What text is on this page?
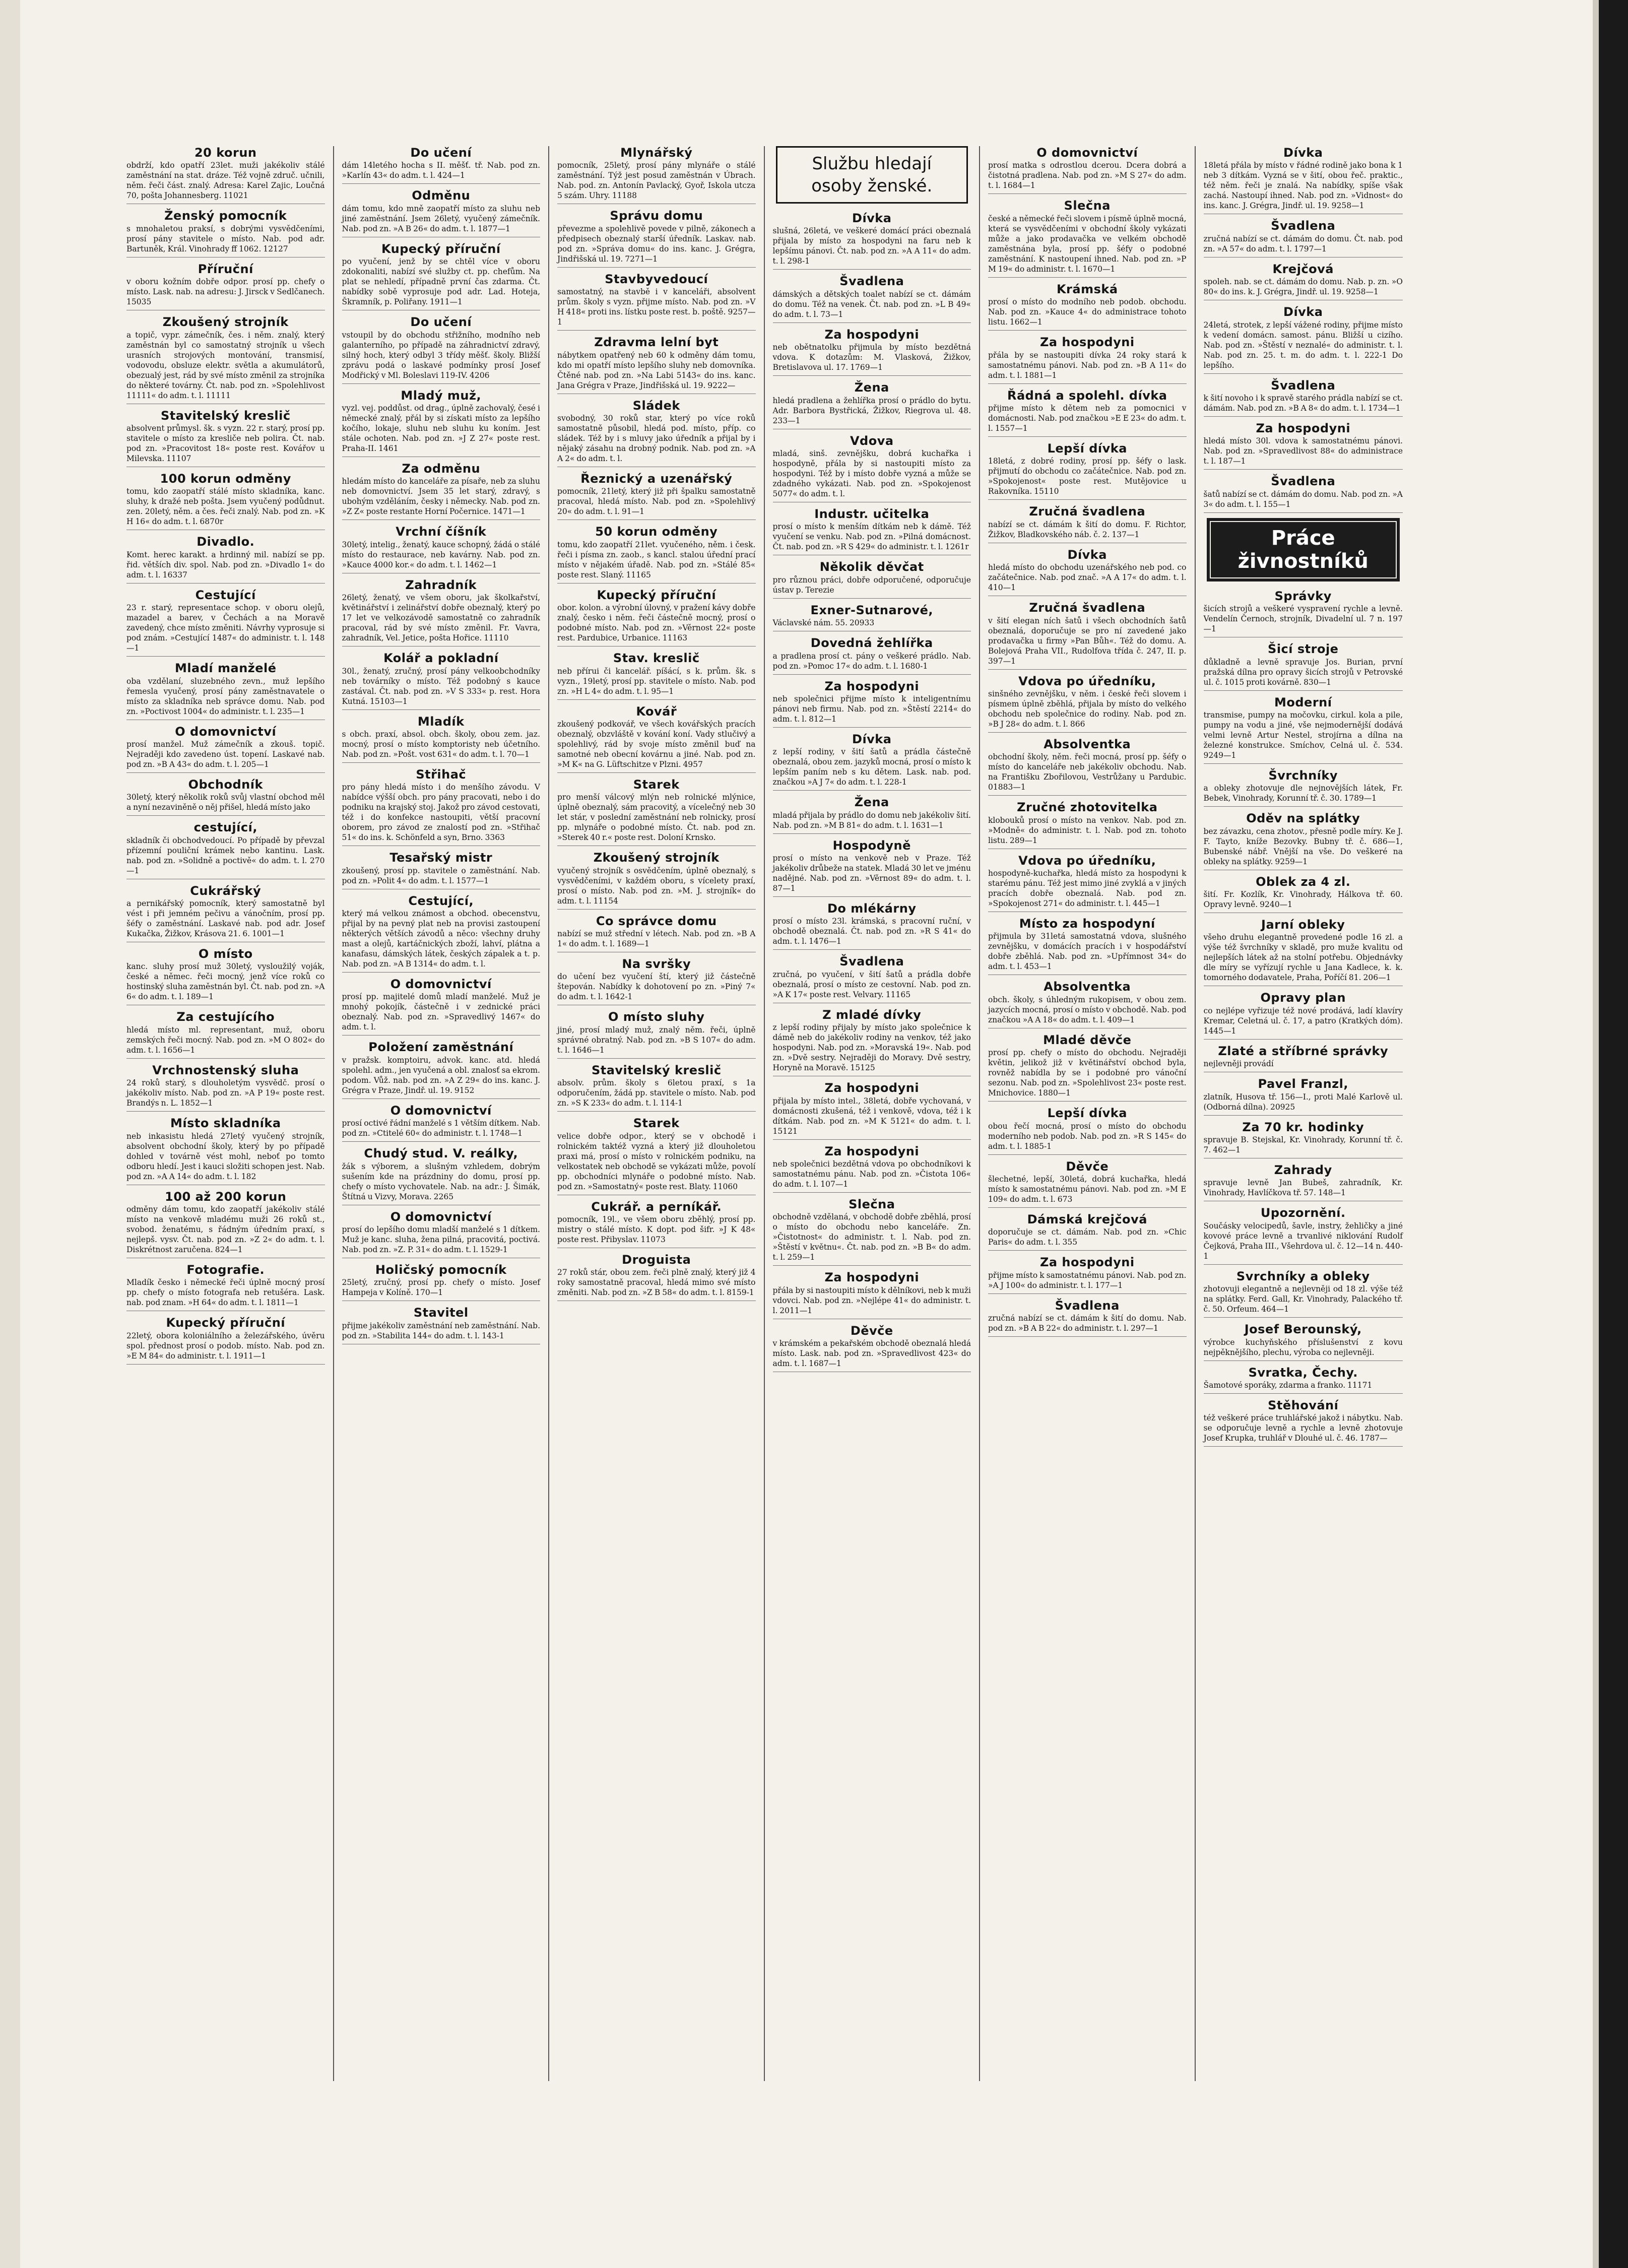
20 korun

obdrží, kdo opatří 23let. muži jakékoliv stálé zaměstnání na stat. dráze. Též vojně zdruč. učnili, něm. řeči část. znalý. Adresa: Karel Zajic, Loučná 70, pošta Johannesberg. 11021

Ženský pomocník

s mnohaletou praksí, s dobrými vysvědčeními, prosí pány stavitele o místo. Nab. pod adr. Bartuněk, Král. Vinohrady ff 1062. 12127

Příruční

v oboru kožním dobře odpor. prosí pp. chefy o místo. Lask. nab. na adresu: J. Jirsck v Sedlčanech. 15035

Zkoušený strojník

a topič, vypr. zámečník, čes. i něm. znalý, který zaměstnán byl co samostatný strojník u všech urasních strojových montování, transmisí, vodovodu, obsluze elektr. světla a akumulátorů, obezualý jest, rád by své místo změnil za strojníka do některé továrny. Čt. nab. pod zn. »Spolehlivost 11111« do adm. t. l. 11111

Stavitelský kreslič

absolvent průmysl. šk. s vyzn. 22 r. starý, prosí pp. stavitele o místo za kresliče neb polira. Čt. nab. pod zn. »Pracovitost 18« poste rest. Kovářov u Milevska. 11107

100 korun odměny

tomu, kdo zaopatří stálé místo skladníka, kanc. sluhy, k dražé neb pošta. Jsem vyučený podůdnut. zen. 20letý, něm. a čes. řeči znalý. Nab. pod zn. »K H 16« do adm. t. l. 6870r

Divadlo.

Komt. herec karakt. a hrdinný mil. nabízí se pp. řid. větších div. spol. Nab. pod zn. »Divadlo 1« do adm. t. l. 16337

Cestující

23 r. starý, representace schop. v oboru olejů, mazadel a barev, v Čechách a na Moravě zavedený, chce místo změniti. Návrhy vyprosuje si pod znám. »Cestující 1487« do administr. t. l. 148—1

Mladí manželé

oba vzdělaní, sluzebného zevn., muž lepšího řemesla vyučený, prosí pány zaměstnavatele o místo za skladníka neb správce domu. Nab. pod zn. »Poctivost 1004« do administr. t. l. 235—1

O domovnictví

prosí manžel. Muž zámečník a zkouš. topič. Nejraději kdo zavedeno úst. topení. Laskavé nab. pod zn. »B A 43« do adm. t. l. 205—1

Obchodník

30letý, který několik roků svůj vlastní obchod měl a nyní nezaviněně o něj přišel, hledá místo jako

cestující,

skladník či obchodvedoucí. Po případě by převzal přízemní pouliční krámek nebo kantinu. Lask. nab. pod zn. »Solidně a poctivě« do adm. t. l. 270—1

Cukrářský

a pernikářský pomocník, který samostatně byl vést i při jemném pečivu a vánočním, prosí pp. šéfy o zaměstnání. Laskavé nab. pod adr. Josef Kukačka, Žižkov, Krásova 21. 6. 1001—1

O místo

kanc. sluhy prosí muž 30letý, vysloužilý voják, české a němec. řeči mocný, jenž více roků co hostinský sluha zaměstnán byl. Čt. nab. pod zn. »A 6« do adm. t. l. 189—1

Za cestujícího

hledá místo ml. representant, muž, oboru zemských řeči mocný. Nab. pod zn. »M O 802« do adm. t. l. 1656—1

Vrchnostenský sluha

24 roků starý, s dlouholetým vysvědč. prosí o jakékoliv místo. Nab. pod zn. »A P 19« poste rest. Brandýs n. L. 1852—1

Místo skladníka

neb inkasistu hledá 27letý vyučený strojník, absolvent obchodní školy, který by po případě dohled v továrně vést mohl, neboť po tomto odboru hledí. Jest i kauci složiti schopen jest. Nab. pod zn. »A A 14« do adm. t. l. 182

100 až 200 korun

odměny dám tomu, kdo zaopatří jakékoliv stálé místo na venkově mladému muži 26 roků st., svobod. ženatému, s řádným úředním praxí, s nejlepš. vysv. Čt. nab. pod zn. »Z 2« do adm. t. l. Diskrétnost zaručena. 824—1

Fotografie.

Mladík česko i německé řeči úplně mocný prosí pp. chefy o místo fotografa neb retušéra. Lask. nab. pod znam. »H 64« do adm. t. l. 1811—1

Kupecký příruční

22letý, obora koloniálního a železářského, úvěru spol. přednost prosí o podob. místo. Nab. pod zn. »E M 84« do administr. t. l. 1911—1

Do učení

dám 14letého hocha s II. měšť. tř. Nab. pod zn. »Karlín 43« do adm. t. l. 424—1

Odměnu

dám tomu, kdo mně zaopatří místo za sluhu neb jiné zaměstnání. Jsem 26letý, vyučený zámečník. Nab. pod zn. »A B 26« do adm. t. l. 1877—1

Kupecký příruční

po vyučení, jenž by se chtěl více v oboru zdokonaliti, nabízí své služby ct. pp. chefům. Na plat se nehledí, případně první čas zdarma. Čt. nabídky sobě vyprosuje pod adr. Lad. Hoteja, Škramník, p. Poliřany. 1911—1

Do učení

vstoupil by do obchodu střižního, modního neb galanterního, po případě na záhradnictví zdravý, silný hoch, který odbyl 3 třídy měšť. školy. Bližší zprávu podá o laskavé podmínky prosí Josef Modřický v Ml. Boleslavi 119-IV. 4206

Mladý muž,

vyzl. vej. poddůst. od drag., úplně zachovalý, česé i německé znalý, přál by si získati místo za lepšího kočího, lokaje, sluhu neb sluhu ku koním. Jest stále ochoten. Nab. pod zn. »J Z 27« poste rest. Praha-II. 1461

Za odměnu

hledám místo do kanceláře za písaře, neb za sluhu neb domovnictví. Jsem 35 let starý, zdravý, s ubohým vzděláním, česky i německy. Nab. pod zn. »Z Z« poste restante Horní Počernice. 1471—1

Vrchní číšník

30letý, intelig., ženatý, kauce schopný, žádá o stálé místo do restaurace, neb kavárny. Nab. pod zn. »Kauce 4000 kor.« do adm. t. l. 1462—1

Zahradník

26letý, ženatý, ve všem oboru, jak školkařství, květinářství i zelinářství dobře obeznalý, který po 17 let ve velkozávodě samostatně co zahradník pracoval, rád by své místo změnil. Fr. Vavra, zahradník, Vel. Jetice, pošta Hořice. 11110

Kolář a pokladní

30l., ženatý, zručný, prosí pány velkoobchodníky neb továrníky o místo. Též podobný s kauce zastával. Čt. nab. pod zn. »V S 333« p. rest. Hora Kutná. 15103—1

Mladík

s obch. praxí, absol. obch. školy, obou zem. jaz. mocný, prosí o místo komptoristy neb účetního. Nab. pod zn. »Pošt. vost 631« do adm. t. l. 70—1

Střihač

pro pány hledá místo i do menšího závodu. V nabídce výšší obch. pro pány pracovati, nebo i do podniku na krajský stoj. Jakož pro závod cestovati, též i do konfekce nastoupiti, větší pracovní oborem, pro závod ze znalostí pod zn. »Střihač 51« do ins. k. Schönfeld a syn, Brno. 3363

Tesařský mistr

zkoušený, prosí pp. stavitele o zaměstnání. Nab. pod zn. »Polit 4« do adm. t. l. 1577—1

Cestující,

který má velkou známost a obchod. obecenstvu, přijal by na pevný plat neb na provisi zastoupení některých větších závodů a něco: všechny druhy mast a olejů, kartáčnických zboží, lahví, plátna a kanafasu, dámských látek, českých zápalek a t. p. Nab. pod zn. »A B 1314« do adm. t. l.

O domovnictví

prosí pp. majitelé domů mladí manželé. Muž je mnohý pokojík, částečně i v zednické práci obeznalý. Nab. pod zn. »Spravedlivý 1467« do adm. t. l.

Položení zaměstnání

v pražsk. komptoiru, advok. kanc. atd. hledá spolehl. adm., jen vyučená a obl. znalosť sa ekrom. podom. Vůž. nab. pod zn. »A Z 29« do ins. kanc. J. Grégra v Praze, Jindř. ul. 19. 9152

O domovnictví

prosí octivé řádní manželé s 1 větším dítkem. Nab. pod zn. »Ctitelé 60« do administr. t. l. 1748—1

Chudý stud. V. reálky,

žák s výborem, a slušným vzhledem, dobrým sušením kde na prázdniny do domu, prosí pp. chefy o místo vychovatele. Nab. na adr.: J. Šimák, Štítná u Vizvy, Morava. 2265

O domovnictví

prosí do lepšího domu mladší manželé s 1 dítkem. Muž je kanc. sluha, žena pilná, pracovitá, poctivá. Nab. pod zn. »Z. P. 31« do adm. t. l. 1529-1

Holičský pomocník

25letý, zručný, prosí pp. chefy o místo. Josef Hampeja v Kolíně. 170—1

Stavitel

přijme jakékoliv zaměstnání neb zaměstnání. Nab. pod zn. »Stabilita 144« do adm. t. l. 143-1

Mlynářský

pomocník, 25letý, prosí pány mlynáře o stálé zaměstnání. Týž jest posud zaměstnán v Úbrach. Nab. pod. zn. Antonín Pavlacký, Gyoř, Iskola utcza 5 szám. Uhry. 11188

Správu domu

převezme a spolehlivě povede v pilně, zákonech a předpisech obeznalý starší úředník. Laskav. nab. pod zn. »Správa domu« do ins. kanc. J. Grégra, Jindřišská ul. 19. 7271—1

Stavbyvedoucí

samostatný, na stavbě i v kanceláři, absolvent prům. školy s vyzn. přijme místo. Nab. pod zn. »V H 418« proti ins. lístku poste rest. b. poště. 9257—1

Zdravma lelní byt

nábytkem opatřený neb 60 k odměny dám tomu, kdo mi opatří místo lepšího sluhy neb domovníka. Čtěné nab. pod zn. »Na Labi 5143« do ins. kanc. Jana Grégra v Praze, Jindřišská ul. 19. 9222—

Sládek

svobodný, 30 roků star, který po více roků samostatně působil, hledá pod. místo, příp. co sládek. Též by i s mluvy jako úředník a přijal by i nějaký zásahu na drobný podnik. Nab. pod zn. »A A 2« do adm. t. l.

Řeznický a uzenářský

pomocník, 21letý, který již při špalku samostatně pracoval, hledá místo. Nab. pod zn. »Spolehlivý 20« do adm. t. l. 91—1

50 korun odměny

tomu, kdo zaopatří 21let. vyučeného, něm. i česk. řeči i písma zn. zaob., s kancl. stalou úřední prací místo v nějakém úřadě. Nab. pod zn. »Stálé 85« poste rest. Slaný. 11165

Kupecký příruční

obor. kolon. a výrobní úlovný, v pražení kávy dobře znalý, česko i něm. řeči částečně mocný, prosí o podobné místo. Nab. pod zn. »Věrnost 22« poste rest. Pardubice, Urbanice. 11163

Stav. kreslič

neb přírui či kancelář. píšácí, s k. prům. šk. s vyzn., 19letý, prosí pp. stavitele o místo. Nab. pod zn. »H L 4« do adm. t. l. 95—1

Kovář

zkoušený podkovář, ve všech kovářských pracích obeznalý, obzvláště v kování koní. Vady stlučivý a spolehlivý, rád by svoje místo změnil buď na samotné neb obecní kovárnu a jiné. Nab. pod zn. »M K« na G. Lüftschitze v Plzni. 4957

Starek

pro menší válcový mlýn neb rolnické mlýnice, úplně obeznalý, sám pracovitý, a vícelečný neb 30 let stár, v poslední zaměstnání neb rolnicky, prosí pp. mlynáře o podobné místo. Čt. nab. pod zn. »Sterek 40 r.« poste rest. Doloní Krnsko.

Zkoušený strojník

vyučený strojník s osvědčením, úplně obeznalý, s vysvědčeními, v každém oboru, s vícelety praxí, prosí o místo. Nab. pod zn. »M. J. strojník« do adm. t. l. 11154

Co správce domu

nabízí se muž střední v létech. Nab. pod zn. »B A 1« do adm. t. l. 1689—1

Na svršky

do učení bez vyučení ští, který již částečně štepován. Nabídky k dohotovení po zn. »Piný 7« do adm. t. l. 1642-1

O místo sluhy

jiné, prosí mladý muž, znalý něm. řeči, úplně správné obratný. Nab. pod zn. »B S 107« do adm. t. l. 1646—1

Stavitelský kreslič

absolv. prům. školy s 6letou praxí, s 1a odporučením, žádá pp. stavitele o místo. Nab. pod zn. »S K 233« do adm. t. l. 114-1

Starek

velice dobře odpor., který se v obchodě i rolnickém taktéž vyzná a který již dlouholetou praxi má, prosí o místo v rolnickém podniku, na velkostatek neb obchodě se vykázati může, povolí pp. obchodníci mlynáře o podobné místo. Nab. pod zn. »Samostatný« poste rest. Blaty. 11060

Cukrář. a perníkář.

pomocník, 19l., ve všem oboru zběhlý, prosí pp. mistry o stálé místo. K dopt. pod šifr. »J K 48« poste rest. Přibyslav. 11073

Droguista

27 roků stár, obou zem. řeči plně znalý, který již 4 roky samostatně pracoval, hledá mimo své místo změniti. Nab. pod zn. »Z B 58« do adm. t. l. 8159-1

Službu hledají
osoby ženské.
Dívka

slušná, 26letá, ve veškeré domácí práci obeznalá přijala by místo za hospodyni na faru neb k lepšímu pánovi. Čt. nab. pod zn. »A A 11« do adm. t. l. 298-1

Švadlena

dámských a dětských toalet nabízí se ct. dámám do domu. Též na venek. Čt. nab. pod zn. »L B 49« do adm. t. l. 73—1

Za hospodyni

neb obětnatolku přijmula by místo bezdětná vdova. K dotazům: M. Vlasková, Žižkov, Bretislavova ul. 17. 1769—1

Žena

hledá pradlena a žehlířka prosí o prádlo do bytu. Adr. Barbora Bystřická, Žižkov, Riegrova ul. 48. 233—1

Vdova

mladá, sinš. zevnějšku, dobrá kuchařka i hospodyně, přála by si nastoupiti místo za hospodyni. Též by i místo dobře vyzná a může se zdadného vykázati. Nab. pod zn. »Spokojenost 5077« do adm. t. l.

Industr. učitelka

prosí o místo k menším dítkám neb k dámě. Též vyučení se venku. Nab. pod zn. »Pilná domácnost. Čt. nab. pod zn. »R S 429« do administr. t. l. 1261r

Několik děvčat

pro různou práci, dobře odporučené, odporučuje ústav p. Terezie

Exner-Sutnarové,

Václavské nám. 55. 20933

Dovedná žehlířka

a pradlena prosí ct. pány o veškeré prádlo. Nab. pod zn. »Pomoc 17« do adm. t. l. 1680-1

Za hospodyni

neb společnici přijme místo k inteligentnímu pánovi neb firmu. Nab. pod zn. »Štěstí 2214« do adm. t. l. 812—1

Dívka

z lepší rodiny, v šití šatů a prádla částečně obeznalá, obou zem. jazyků mocná, prosí o místo k lepším paním neb s ku dětem. Lask. nab. pod. značkou »A J 7« do adm. t. l. 228-1

Žena

mladá přijala by prádlo do domu neb jakékoliv šití. Nab. pod zn. »M B 81« do adm. t. l. 1631—1

Hospodyně

prosí o místo na venkově neb v Praze. Též jakékoliv drůbeže na statek. Mladá 30 let ve jménu nadějné. Nab. pod zn. »Věrnost 89« do adm. t. l. 87—1

Do mlékárny

prosí o místo 23l. krámská, s pracovní ruční, v obchodě obeznalá. Čt. nab. pod zn. »R S 41« do adm. t. l. 1476—1

Švadlena

zručná, po vyučení, v šití šatů a prádla dobře obeznalá, prosí o místo ze cestovní. Nab. pod zn. »A K 17« poste rest. Velvary. 11165

Z mladé dívky

z lepší rodiny přijaly by místo jako společnice k dámě neb do jakékoliv rodiny na venkov, též jako hospodyni. Nab. pod zn. »Moravská 19«. Nab. pod zn. »Dvě sestry. Nejraději do Moravy. Dvě sestry, Horyně na Moravě. 15125

Za hospodyni

přijala by místo intel., 38letá, dobře vychovaná, v domácnosti zkušená, též i venkově, vdova, též i k dítkám. Nab. pod zn. »M K 5121« do adm. t. l. 15121

Za hospodyni

neb společnici bezdětná vdova po obchodníkovi k samostatnému pánu. Nab. pod zn. »Čistota 106« do adm. t. l. 107—1

Slečna

obchodně vzdělaná, v obchodě dobře zběhlá, prosí o místo do obchodu nebo kanceláře. Zn. »Čistotnost« do administr. t. l. Nab. pod zn. »Štěstí v květnu«. Čt. nab. pod zn. »B B« do adm. t. l. 259—1

Za hospodyni

přála by si nastoupiti místo k dělníkovi, neb k muži vdovci. Nab. pod zn. »Nejlépe 41« do administr. t. l. 2011—1

Děvče

v krámském a pekařském obchodě obeznalá hledá místo. Lask. nab. pod zn. »Spravedlivost 423« do adm. t. l. 1687—1

O domovnictví

prosí matka s odrostlou dcerou. Dcera dobrá a čistotná pradlena. Nab. pod zn. »M S 27« do adm. t. l. 1684—1

Slečna

české a německé řeči slovem i písmě úplně mocná, která se vysvědčeními v obchodní školy vykázati může a jako prodavačka ve velkém obchodě zaměstnána byla, prosí pp. šéfy o podobné zaměstnání. K nastoupení ihned. Nab. pod zn. »P M 19« do administr. t. l. 1670—1

Krámská

prosí o místo do modního neb podob. obchodu. Nab. pod zn. »Kauce 4« do administrace tohoto listu. 1662—1

Za hospodyni

přála by se nastoupiti dívka 24 roky stará k samostatnému pánovi. Nab. pod zn. »B A 11« do adm. t. l. 1881—1

Řádná a spolehl. dívka

přijme místo k dětem neb za pomocnici v domácnosti. Nab. pod značkou »E E 23« do adm. t. l. 1557—1

Lepší dívka

18letá, z dobré rodiny, prosí pp. šéfy o lask. přijmutí do obchodu co začátečnice. Nab. pod zn. »Spokojenost« poste rest. Mutějovice u Rakovníka. 15110

Zručná švadlena

nabízí se ct. dámám k šití do domu. F. Richtor, Žižkov, Bladkovského náb. č. 2. 137—1

Dívka

hledá místo do obchodu uzenářského neb pod. co začátečnice. Nab. pod znač. »A A 17« do adm. t. l. 410—1

Zručná švadlena

v šití elegan ních šatů i všech obchodních šatů obeznalá, doporučuje se pro ní zavedené jako prodavačka u firmy »Pan Bůh«. Též do domu. A. Bolejová Praha VII., Rudolfova třída č. 247, II. p. 397—1

Vdova po úředníku,

sinšného zevnějšku, v něm. i české řeči slovem i písmem úplně zběhlá, přijala by místo do velkého obchodu neb společnice do rodiny. Nab. pod zn. »B J 28« do adm. t. l. 866

Absolventka

obchodní školy, něm. řeči mocná, prosí pp. šéfy o místo do kanceláře neb jakékoliv obchodu. Nab. na Františku Zbořilovou, Vestrůžany u Pardubic. 01883—1

Zručné zhotovitelka

klobouků prosí o místo na venkov. Nab. pod zn. »Modně« do administr. t. l. Nab. pod zn. tohoto listu. 289—1

Vdova po úředníku,

hospodyně-kuchařka, hledá místo za hospodyni k starému pánu. Též jest mimo jiné zvyklá a v jiných pracích dobře obeznalá. Nab. pod zn. »Spokojenost 271« do administr. t. l. 445—1

Místo za hospodyní

přijmula by 31letá samostatná vdova, slušného zevnějšku, v domácích pracích i v hospodářství dobře zběhlá. Nab. pod zn. »Upřímnost 34« do adm. t. l. 453—1

Absolventka

obch. školy, s úhledným rukopisem, v obou zem. jazycích mocná, prosí o místo v obchodě. Nab. pod značkou »A A 18« do adm. t. l. 409—1

Mladé děvče

prosí pp. chefy o místo do obchodu. Nejraději květin, jelikož již v květinářství obchod byla, rovněž nabídla by se i podobné pro vánoční sezonu. Nab. pod zn. »Spolehlivost 23« poste rest. Mnichovice. 1880—1

Lepší dívka

obou řečí mocná, prosí o místo do obchodu moderního neb podob. Nab. pod zn. »R S 145« do adm. t. l. 1885-1

Děvče

šlechetné, lepší, 30letá, dobrá kuchařka, hledá místo k samostatnému pánovi. Nab. pod zn. »M E 109« do adm. t. l. 673

Dámská krejčová

doporučuje se ct. dámám. Nab. pod zn. »Chic Paris« do adm. t. l. 355

Za hospodyni

přijme místo k samostatnému pánovi. Nab. pod zn. »A J 100« do administr. t. l. 177—1

Švadlena

zručná nabízí se ct. dámám k šití do domu. Nab. pod zn. »B A B 22« do administr. t. l. 297—1

Dívka

18letá přála by místo v řádné rodině jako bona k 1 neb 3 dítkám. Vyzná se v šití, obou řeč. praktic., též něm. řeči je znalá. Na nabídky, spíše však zachá. Nastoupí ihned. Nab. pod zn. »Vidnost« do ins. kanc. J. Grégra, Jindř. ul. 19. 9258—1

Švadlena

zručná nabízí se ct. dámám do domu. Čt. nab. pod zn. »A 57« do adm. t. l. 1797—1

Krejčová

spoleh. nab. se ct. dámám do domu. Nab. p. zn. »O 80« do ins. k. J. Grégra, Jindř. ul. 19. 9258—1

Dívka

24letá, strotek, z lepší vážené rodiny, přijme místo k vedení domácn. samost. pánu. Bližší u cizího. Nab. pod zn. »Štěstí v neznalé« do administr. t. l. Nab. pod zn. 25. t. m. do adm. t. l. 222-1 Do lepšího.

Švadlena

k šití novoho i k spravě starého prádla nabízí se ct. dámám. Nab. pod zn. »B A 8« do adm. t. l. 1734—1

Za hospodyni

hledá místo 30l. vdova k samostatnému pánovi. Nab. pod zn. »Spravedlivost 88« do administrace t. l. 187—1

Švadlena

šatů nabízí se ct. dámám do domu. Nab. pod zn. »A 3« do adm. t. l. 155—1

Práce živnostníků
Správky

šicích strojů a veškeré vyspravení rychle a levně. Vendelín Černoch, strojník, Divadelní ul. 7 n. 197—1

Šicí stroje

důkladně a levně spravuje Jos. Burian, první pražská dílna pro opravy šicích strojů v Petrovské ul. č. 1015 proti kovárně. 830—1

Moderní

transmise, pumpy na močovku, cirkul. kola a pile, pumpy na vodu a jiné, vše nejmodernější dodává velmi levně Artur Nestel, strojírna a dílna na železné konstrukce. Smíchov, Celná ul. č. 534. 9249—1

Švrchníky

a obleky zhotovuje dle nejnovějších látek, Fr. Bebek, Vinohrady, Korunní tř. č. 30. 1789—1

Oděv na splátky

bez závazku, cena zhotov., přesně podle míry. Ke J. F. Tayto, kníže Bezovky. Bubny tř. č. 686—1, Bubenské nábř. Vnější na vše. Do veškeré na obleky na splátky. 9259—1

Oblek za 4 zl.

šití. Fr. Kozlík, Kr. Vinohrady, Hálkova tř. 60. Opravy levně. 9240—1

Jarní obleky

všeho druhu elegantně provedené podle 16 zl. a výše též švrchníky v skladě, pro muže kvalitu od nejlepších látek až na stolní potřebu. Objednávky dle míry se vyřízují rychle u Jana Kadlece, k. k. tomorného dodavatele, Praha, Poříčí 81. 206—1

Opravy plan

co nejlépe vyřizuje též nové prodává, ladí klavíry Kremar, Celetná ul. č. 17, a patro (Kratkých dóm). 1445—1

Zlaté a stříbrné správky

nejlevněji provádí

Pavel Franzl,

zlatník, Husova tř. 156—I., proti Malé Karlově ul. (Odborná dílna). 20925

Za 70 kr. hodinky

spravuje B. Stejskal, Kr. Vinohrady, Korunní tř. č. 7. 462—1

Zahrady

spravuje levně Jan Bubeš, zahradník, Kr. Vinohrady, Havlíčkova tř. 57. 148—1

Upozornění.

Součásky velocipedů, šavle, instry, žehličky a jiné kovové práce levně a trvanlivé niklování Rudolf Čejková, Praha III., Všehrdova ul. č. 12—14 n. 440-1

Svrchníky a obleky

zhotovuji elegantně a nejlevněji od 18 zl. výše též na splátky. Ferd. Gall, Kr. Vinohrady, Palackého tř. č. 50. Orfeum. 464—1

Josef Berounský,

výrobce kuchyňského příslušenství z kovu nejpěknějšího, plechu, výroba co nejlevněji.

Svratka, Čechy.

Šamotové sporáky, zdarma a franko. 11171

Stěhování

též veškeré práce truhlářské jakož i nábytku. Nab. se odporučuje levně a rychle a levně zhotovuje Josef Krupka, truhlář v Dlouhé ul. č. 46. 1787—
